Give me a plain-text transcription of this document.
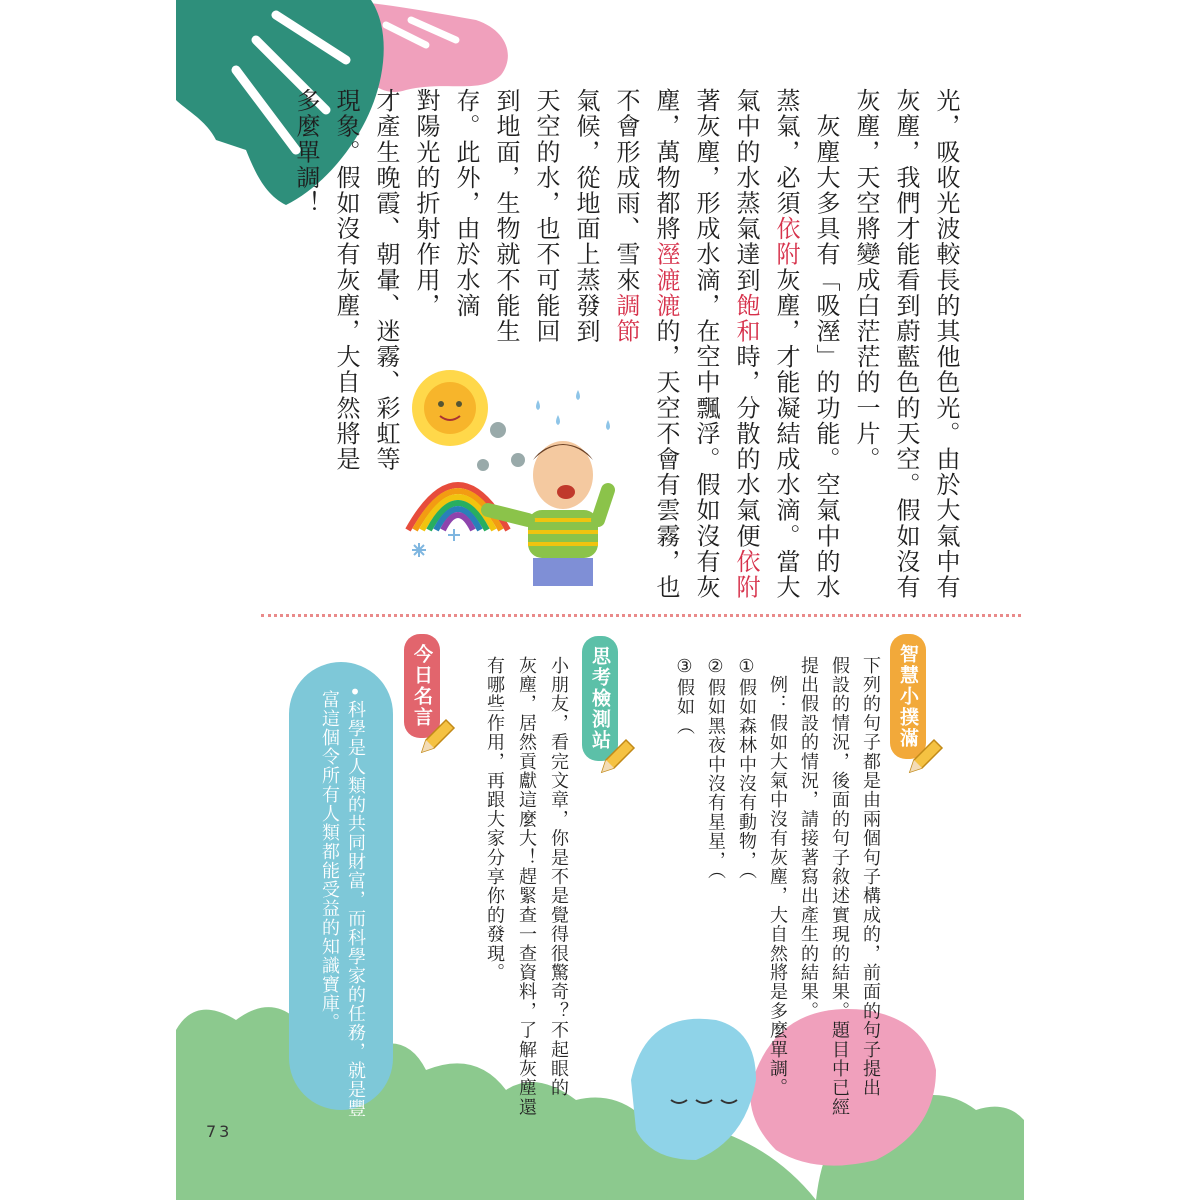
智慧小撲滿
思考檢測站
今日名言
•
73
光，吸收光波較長的其他色光。由於大氣中有
灰塵，我們才能看到蔚藍色的天空。假如沒有
灰塵，天空將變成白茫茫的一片。
　灰塵大多具有「吸溼」的功能。空氣中的水
蒸氣，必須依附灰塵，才能凝結成水滴。當大
氣中的水蒸氣達到飽和時，分散的水氣便依附
著灰塵，形成水滴，在空中飄浮。假如沒有灰
塵，萬物都將溼漉漉的，天空不會有雲霧，也
不會形成雨、雪來調節
氣候，從地面上蒸發到
天空的水，也不可能回
到地面，生物就不能生
存。此外，由於水滴
對陽光的折射作用，
才產生晚霞、朝暈、迷霧、彩虹等
現象。假如沒有灰塵，大自然將是
多麼單調！
下列的句子都是由兩個句子構成的，前面的句子提出
假設的情況，後面的句子敘述實現的結果。題目中已經
提出假設的情況，請接著寫出產生的結果。
　例：假如大氣中沒有灰塵，大自然將是多麼單調。
①假如森林中沒有動物，（
②假如黑夜中沒有星星，（
③假如（
小朋友，看完文章，你是不是覺得很驚奇？不起眼的
灰塵，居然貢獻這麼大！趕緊查一查資料，了解灰塵還
有哪些作用，再跟大家分享你的發現。
科學是人類的共同財富，而科學家的任務，就是豐
富這個令所有人類都能受益的知識寶庫。
